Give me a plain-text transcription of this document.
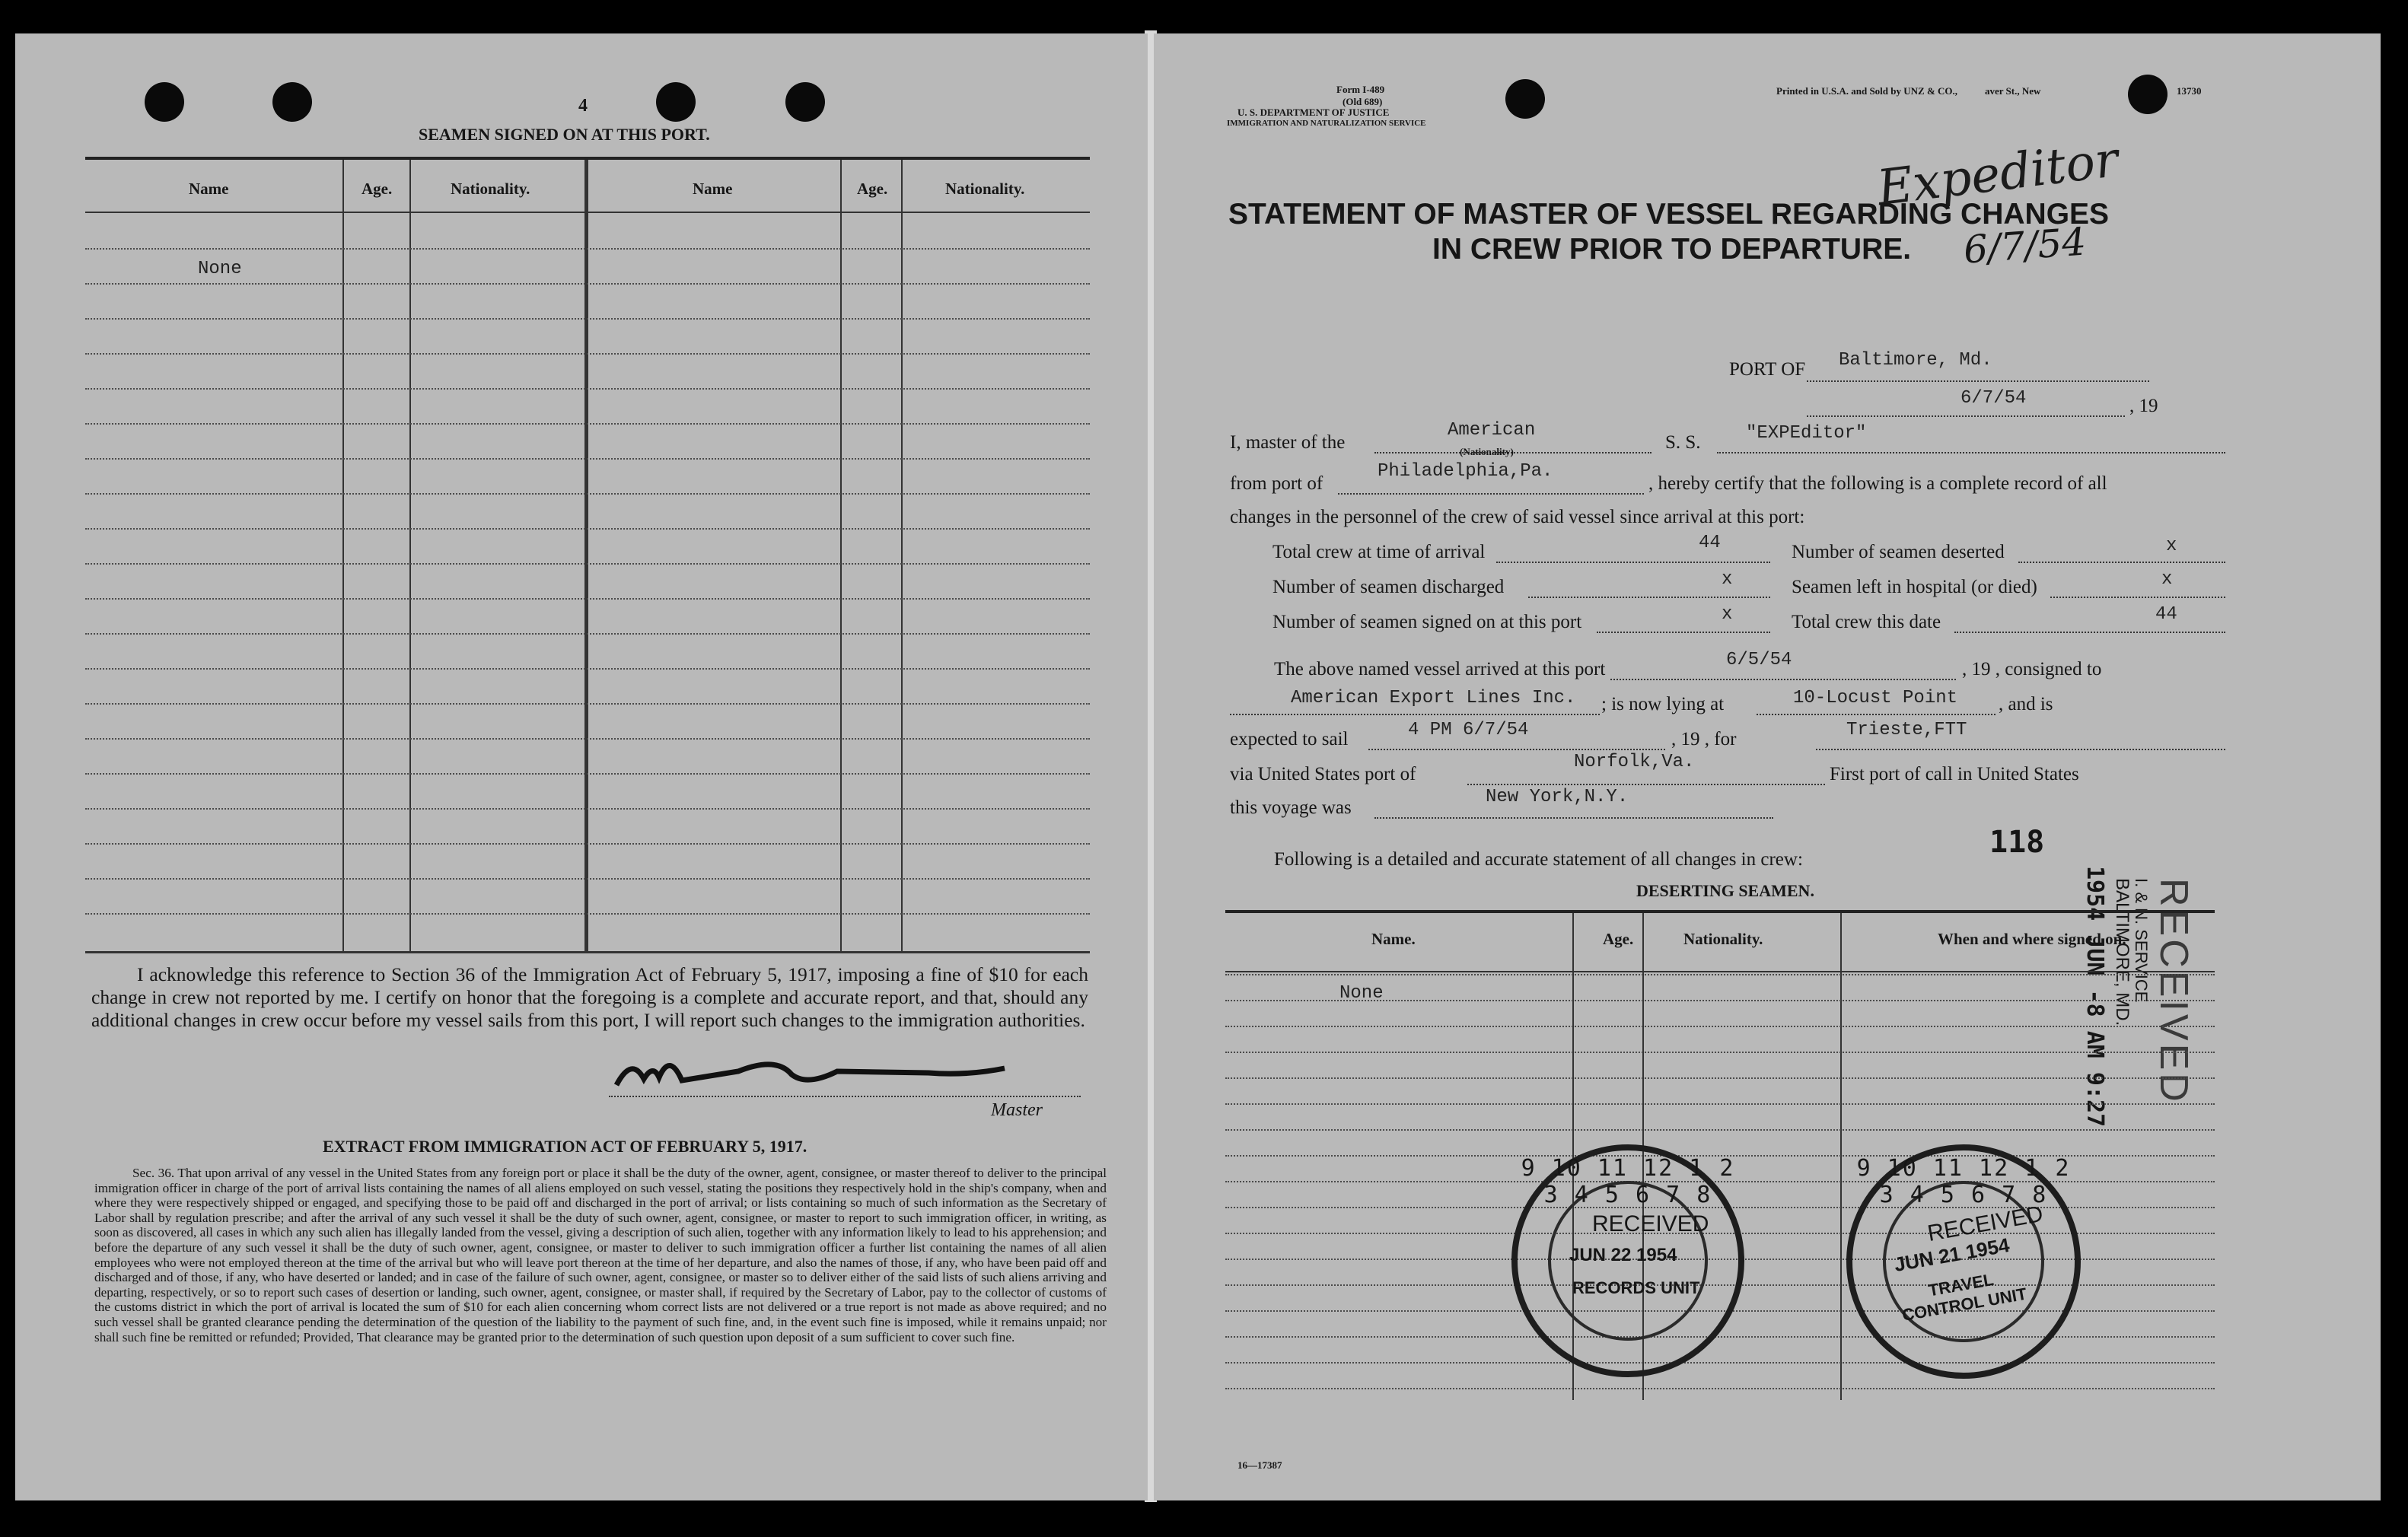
4
SEAMEN SIGNED ON AT THIS PORT.
Name	Age.	Nationality.	Name	Age.	Nationality.
None
I acknowledge this reference to Section 36 of the Immigration Act of February 5, 1917, imposing a fine of $10 for each change in crew not reported by me. I certify on honor that the foregoing is a complete and accurate report, and that, should any additional changes in crew occur before my vessel sails from this port, I will report such changes to the immigration authorities.
Master
EXTRACT FROM IMMIGRATION ACT OF FEBRUARY 5, 1917.
Sec. 36. That upon arrival of any vessel in the United States from any foreign port or place it shall be the duty of the owner, agent, consignee, or master thereof to deliver to the principal immigration officer in charge of the port of arrival lists containing the names of all aliens employed on such vessel, stating the positions they respectively hold in the ship's company, when and where they were respectively shipped or engaged, and specifying those to be paid off and discharged in the port of arrival; or lists containing so much of such information as the Secretary of Labor shall by regulation prescribe; and after the arrival of any such vessel it shall be the duty of such owner, agent, consignee, or master to report to such immigration officer, in writing, as soon as discovered, all cases in which any such alien has illegally landed from the vessel, giving a description of such alien, together with any information likely to lead to his apprehension; and before the departure of any such vessel it shall be the duty of such owner, agent, consignee, or master to deliver to such immigration officer a further list containing the names of all alien employees who were not employed thereon at the time of the arrival but who will leave port thereon at the time of her departure, and also the names of those, if any, who have been paid off and discharged and of those, if any, who have deserted or landed; and in case of the failure of such owner, agent, consignee, or master so to deliver either of the said lists of such aliens arriving and departing, respectively, or so to report such cases of desertion or landing, such owner, agent, consignee, or master shall, if required by the Secretary of Labor, pay to the collector of customs of the customs district in which the port of arrival is located the sum of $10 for each alien concerning whom correct lists are not delivered or a true report is not made as above required; and no such vessel shall be granted clearance pending the determination of the question of the liability to the payment of such fine, and, in the event such fine is imposed, while it remains unpaid; nor shall such fine be remitted or refunded; Provided, That clearance may be granted prior to the determination of such question upon deposit of a sum sufficient to cover such fine.
Form I-489
(Old 689)
U. S. DEPARTMENT OF JUSTICE
IMMIGRATION AND NATURALIZATION SERVICE
Printed in U.S.A. and Sold by UNZ & CO.,	aver St., New	13730
Expeditor
STATEMENT OF MASTER OF VESSEL REGARDING CHANGES
IN CREW PRIOR TO DEPARTURE. 6/7/54
PORT OF Baltimore, Md.
6/7/54	, 19
I, master of the
American
(Nationality)	S. S. "EXPEditor"
from port of
Philadelphia,Pa.
, hereby certify that the following is a complete record of all
changes in the personnel of the crew of said vessel since arrival at this port:
Total crew at time of arrival	44	Number of seamen deserted	x
Number of seamen discharged	x	Seamen left in hospital (or died)	x
Number of seamen signed on at this port	x	Total crew this date	44
The above named vessel arrived at this port	6/5/54	, 19 , consigned to
American Export Lines Inc. ; is now lying at	10-Locust Point , and is
expected to sail	4 PM 6/7/54	, 19 , for	Trieste,FTT
via United States port of
Norfolk,Va.
First port of call in United States
this voyage was
New York,N.Y.
Following is a detailed and accurate statement of all changes in crew:	118
DESERTING SEAMEN.	RECEIVED
I. & N. SERVICE
BALTIMORE, MD.
1954 JUN -8 AM 9:27
Name.	Age.	Nationality.	When and where signed on.
None
9 10 11 12 1 2 3 4 5 6 7 8
RECEIVED
JUN 22 1954
RECORDS UNIT
9 10 11 12 1 2 3 4 5 6 7 8
RECEIVED
JUN 21 1954
TRAVEL CONTROL UNIT
16—17387
